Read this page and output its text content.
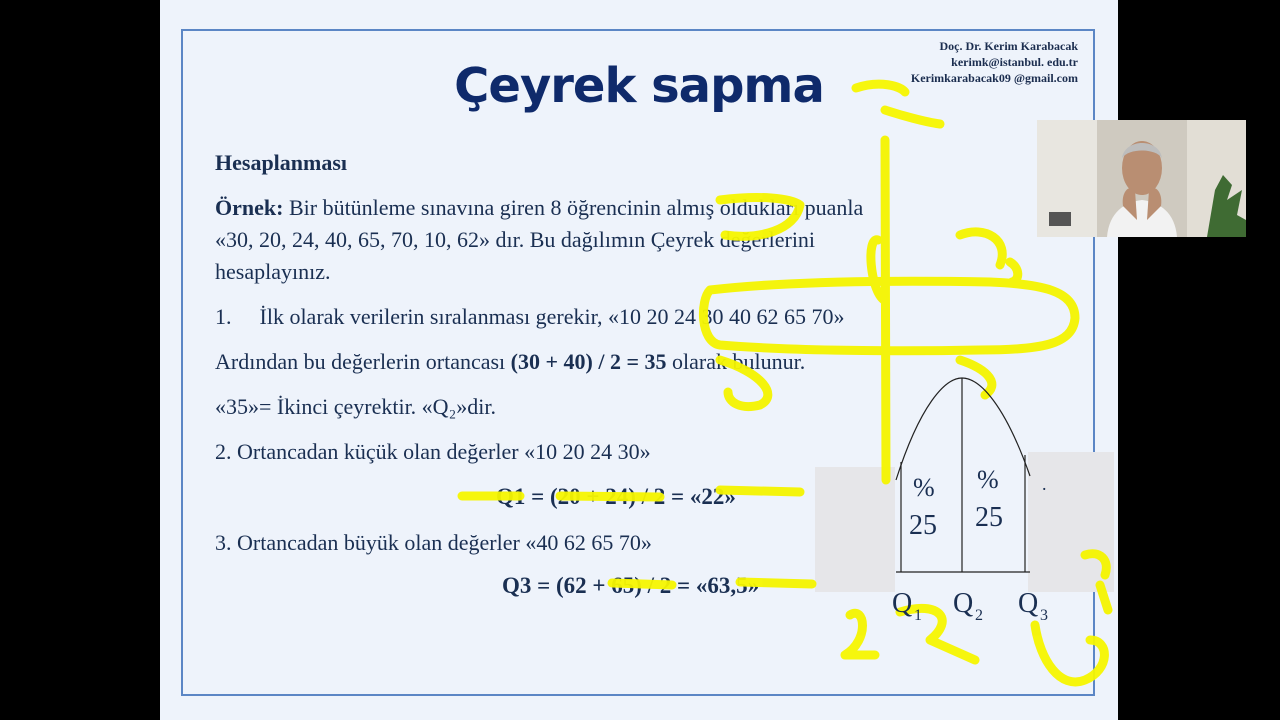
Doç. Dr. Kerim Karabacak
kerimk@istanbul. edu.tr
Kerimkarabacak09 @gmail.com
Çeyrek sapma
Hesaplanması
Örnek: Bir bütünleme sınavına giren 8 öğrencinin almış oldukları puanla
«30, 20, 24, 40, 65, 70, 10, 62» dır. Bu dağılımın Çeyrek değerlerini
hesaplayınız.
1. İlk olarak verilerin sıralanması gerekir, «10 20 24 30 40 62 65 70»
Ardından bu değerlerin ortancası (30 + 40) / 2 = 35 olarak bulunur.
«35»= İkinci çeyrektir. «Q₂»dir.
2. Ortancadan küçük olan değerler «10 20 24 30»
Q1 = (20 + 24) / 2 = «22»
3. Ortancadan büyük olan değerler «40 62 65 70»
Q3 = (62 + 65) / 2 = «63,5»
%
25
%
25
.
Q 1 Q 2 Q 3
